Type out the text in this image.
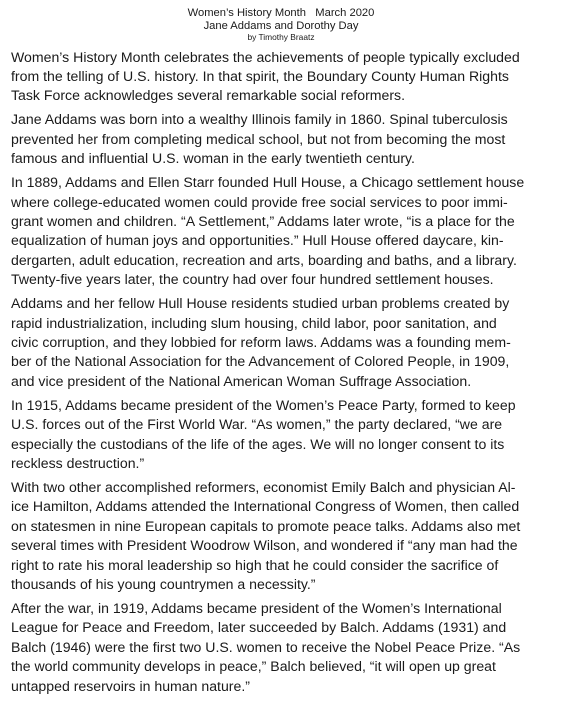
Women’s History Month   March 2020
Jane Addams and Dorothy Day
by Timothy Braatz
Women’s History Month celebrates the achievements of people typically excluded
from the telling of U.S. history. In that spirit, the Boundary County Human Rights
Task Force acknowledges several remarkable social reformers.
Jane Addams was born into a wealthy Illinois family in 1860. Spinal tuberculosis
prevented her from completing medical school, but not from becoming the most
famous and influential U.S. woman in the early twentieth century.
In 1889, Addams and Ellen Starr founded Hull House, a Chicago settlement house
where college-educated women could provide free social services to poor immi-
grant women and children. “A Settlement,” Addams later wrote, “is a place for the
equalization of human joys and opportunities.” Hull House offered daycare, kin-
dergarten, adult education, recreation and arts, boarding and baths, and a library.
Twenty-five years later, the country had over four hundred settlement houses.
Addams and her fellow Hull House residents studied urban problems created by
rapid industrialization, including slum housing, child labor, poor sanitation, and
civic corruption, and they lobbied for reform laws. Addams was a founding mem-
ber of the National Association for the Advancement of Colored People, in 1909,
and vice president of the National American Woman Suffrage Association.
In 1915, Addams became president of the Women’s Peace Party, formed to keep
U.S. forces out of the First World War. “As women,” the party declared, “we are
especially the custodians of the life of the ages. We will no longer consent to its
reckless destruction.”
With two other accomplished reformers, economist Emily Balch and physician Al-
ice Hamilton, Addams attended the International Congress of Women, then called
on statesmen in nine European capitals to promote peace talks. Addams also met
several times with President Woodrow Wilson, and wondered if “any man had the
right to rate his moral leadership so high that he could consider the sacrifice of
thousands of his young countrymen a necessity.”
After the war, in 1919, Addams became president of the Women’s International
League for Peace and Freedom, later succeeded by Balch. Addams (1931) and
Balch (1946) were the first two U.S. women to receive the Nobel Peace Prize. “As
the world community develops in peace,” Balch believed, “it will open up great
untapped reservoirs in human nature.”
